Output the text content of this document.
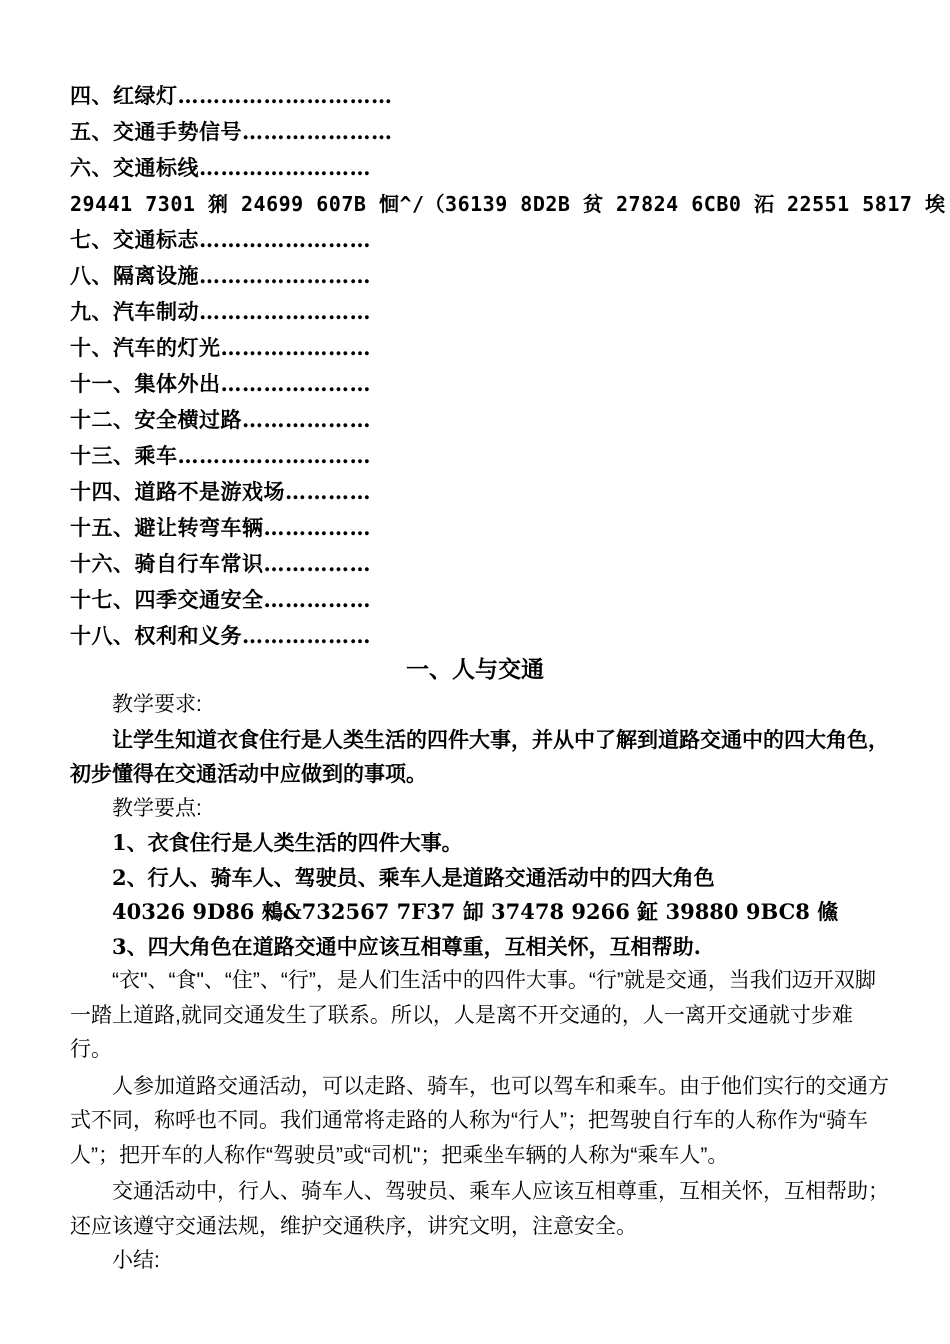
四、红绿灯…………………………
五、交通手势信号…………………
六、交通标线……………………
29441 7301 猁 24699 607B 恛^/（36139 8D2B 贫 27824 6CB0 沰 22551 5817 埃
七、交通标志……………………
八、隔离设施……………………
九、汽车制动……………………
十、汽车的灯光…………………
十一、集体外出…………………
十二、安全横过路………………
十三、乘车………………………
十四、道路不是游戏场…………
十五、避让转弯车辆……………
十六、骑自行车常识……………
十七、四季交通安全……………
十八、权利和义务………………
一、人与交通

教学要求:

让学生知道衣食住行是人类生活的四件大事，并从中了解到道路交通中的四大角色，初步懂得在交通活动中应做到的事项。

教学要点:

1、衣食住行是人类生活的四件大事。

2、行人、骑车人、驾驶员、乘车人是道路交通活动中的四大角色

40326 9D86 鶆&732567 7F37 缷 37478 9266 鉦 39880 9BC8 鯈

3、四大角色在道路交通中应该互相尊重，互相关怀，互相帮助.

“衣"、“食"、“住”、“行”，是人们生活中的四件大事。“行”就是交通，当我们迈开双脚一踏上道路,就同交通发生了联系。所以，人是离不开交通的，人一离开交通就寸步难行。

人参加道路交通活动，可以走路、骑车，也可以驾车和乘车。由于他们实行的交通方式不同，称呼也不同。我们通常将走路的人称为“行人”；把驾驶自行车的人称作为“骑车人”；把开车的人称作“驾驶员”或“司机"；把乘坐车辆的人称为“乘车人”。

交通活动中，行人、骑车人、驾驶员、乘车人应该互相尊重，互相关怀，互相帮助；还应该遵守交通法规，维护交通秩序，讲究文明，注意安全。

小结:
